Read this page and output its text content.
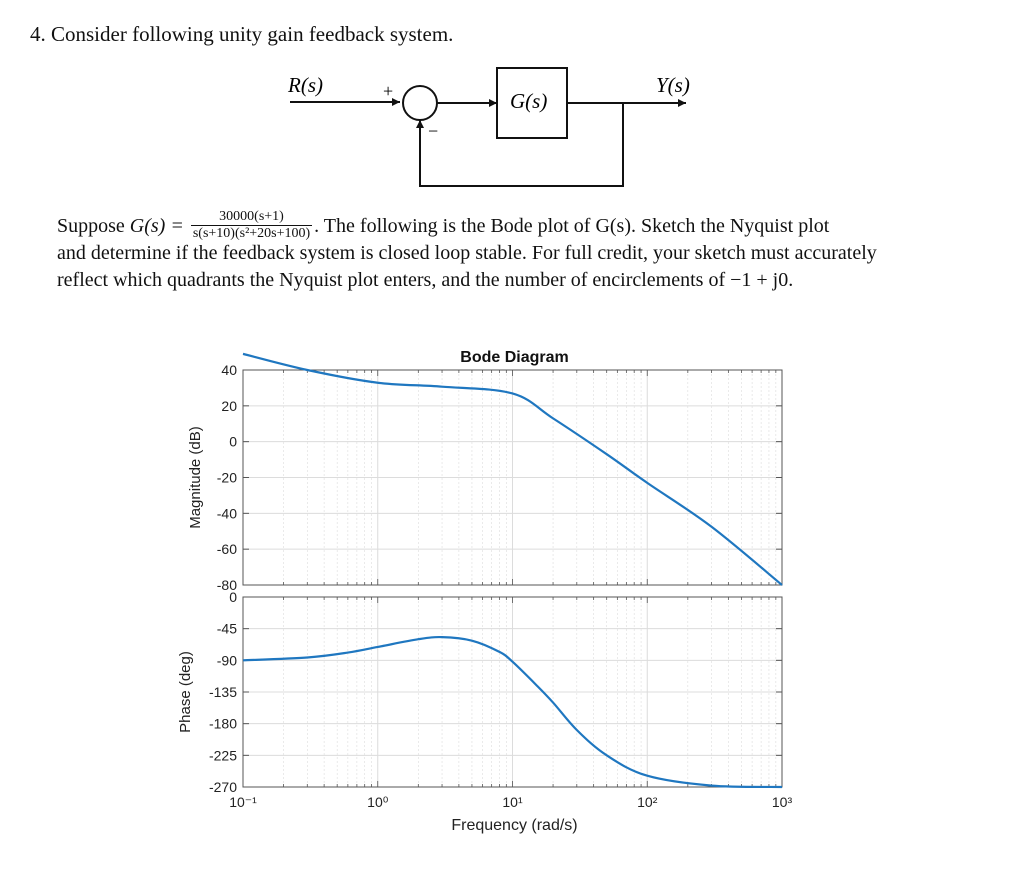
4. Consider following unity gain feedback system.
R(s)	+
−
G(s)
Y(s)
Suppose $G(s) = \frac{30000(s+1)}{\text{s(s+10)(s²+20s+100)}}$ . The following is the Bode plot of G(s). Sketch the Nyquist plot
and determine if the feedback system is closed loop stable. For full credit, your sketch must accurately
reflect which quadrants the Nyquist plot enters, and the number of encirclements of −1 + j0.
40
20
0
-20
-40
-60
-80
Magnitude (dB)
Bode Diagram
0
-45
-90
-135
-180
-225
-270
Phase (deg)
10⁻¹	10⁰	10¹	10²	10³
Frequency (rad/s)
